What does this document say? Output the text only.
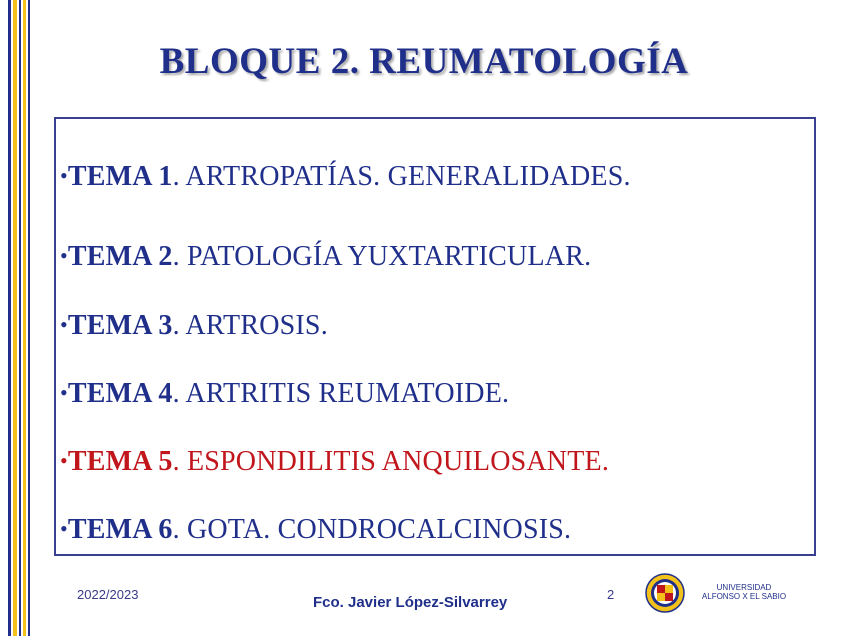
BLOQUE 2. REUMATOLOGÍA
•TEMA 1. ARTROPATÍAS. GENERALIDADES.
•TEMA 2. PATOLOGÍA YUXTARTICULAR.
•TEMA 3. ARTROSIS.
•TEMA 4. ARTRITIS REUMATOIDE.
•TEMA 5. ESPONDILITIS ANQUILOSANTE.
•TEMA 6. GOTA. CONDROCALCINOSIS.
2022/2023	Fco. Javier López-Silvarrey	2	UNIVERSIDAD
ALFONSO X EL SABIO
